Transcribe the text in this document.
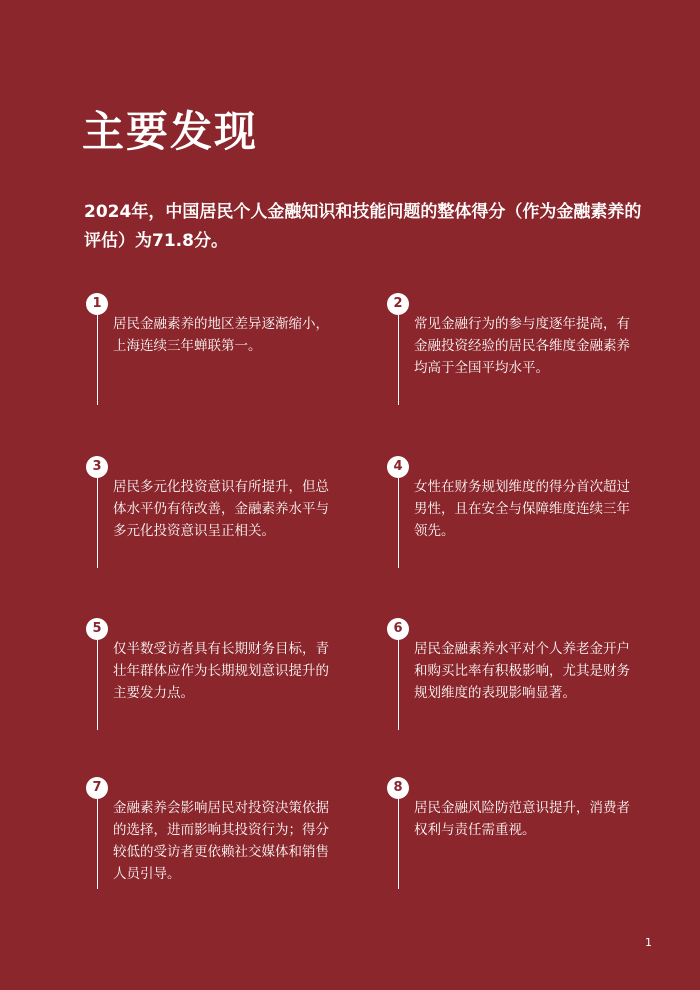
主要发现

2024年，中国居民个人金融知识和技能问题的整体得分（作为金融素养的评估）为71.8分。

1

居民金融素养的地区差异逐渐缩小，上海连续三年蝉联第一。

2

常见金融行为的参与度逐年提高，有金融投资经验的居民各维度金融素养均高于全国平均水平。

3

居民多元化投资意识有所提升，但总体水平仍有待改善，金融素养水平与多元化投资意识呈正相关。

4

女性在财务规划维度的得分首次超过男性，且在安全与保障维度连续三年领先。

5

仅半数受访者具有长期财务目标，青壮年群体应作为长期规划意识提升的主要发力点。

6

居民金融素养水平对个人养老金开户和购买比率有积极影响，尤其是财务规划维度的表现影响显著。

7

金融素养会影响居民对投资决策依据的选择，进而影响其投资行为；得分较低的受访者更依赖社交媒体和销售人员引导。

8

居民金融风险防范意识提升，消费者权利与责任需重视。

1
